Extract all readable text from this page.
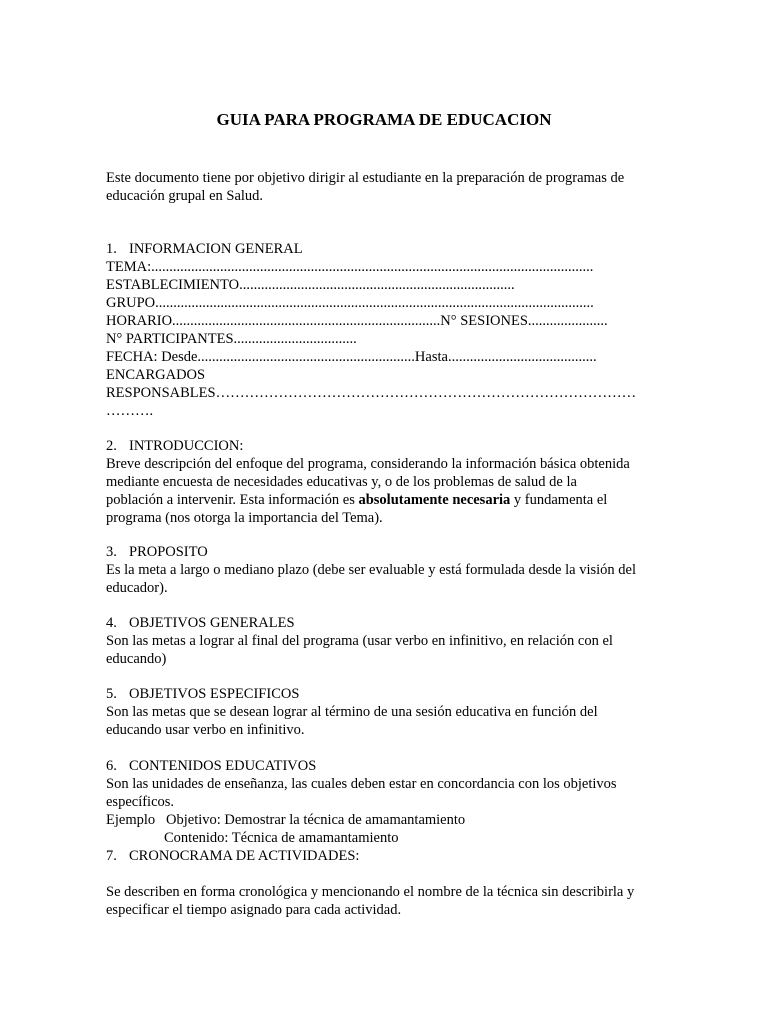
GUIA PARA PROGRAMA DE EDUCACION
Este documento tiene por objetivo dirigir al estudiante en la preparación de programas de
educación grupal en Salud.
1. INFORMACION GENERAL
TEMA:..........................................................................................................................
ESTABLECIMIENTO............................................................................
GRUPO.........................................................................................................................
HORARIO..........................................................................N° SESIONES......................
N° PARTICIPANTES..................................
FECHA: Desde............................................................Hasta.........................................
ENCARGADOS
RESPONSABLES……………………………………………………………………………
……….
2. INTRODUCCION:
Breve descripción del enfoque del programa, considerando la información básica obtenida
mediante encuesta de necesidades educativas y, o de los problemas de salud de la
población a intervenir. Esta información es absolutamente necesaria y fundamenta el
programa (nos otorga la importancia del Tema).
3. PROPOSITO
Es la meta a largo o mediano plazo (debe ser evaluable y está formulada desde la visión del
educador).
4. OBJETIVOS GENERALES
Son las metas a lograr al final del programa (usar verbo en infinitivo, en relación con el
educando)
5. OBJETIVOS ESPECIFICOS
Son las metas que se desean lograr al término de una sesión educativa en función del
educando usar verbo en infinitivo.
6. CONTENIDOS EDUCATIVOS
Son las unidades de enseñanza, las cuales deben estar en concordancia con los objetivos
específicos.
Ejemplo   Objetivo: Demostrar la técnica de amamantamiento
Contenido: Técnica de amamantamiento
7. CRONOCRAMA DE ACTIVIDADES:
Se describen en forma cronológica y mencionando el nombre de la técnica sin describirla y
especificar el tiempo asignado para cada actividad.
